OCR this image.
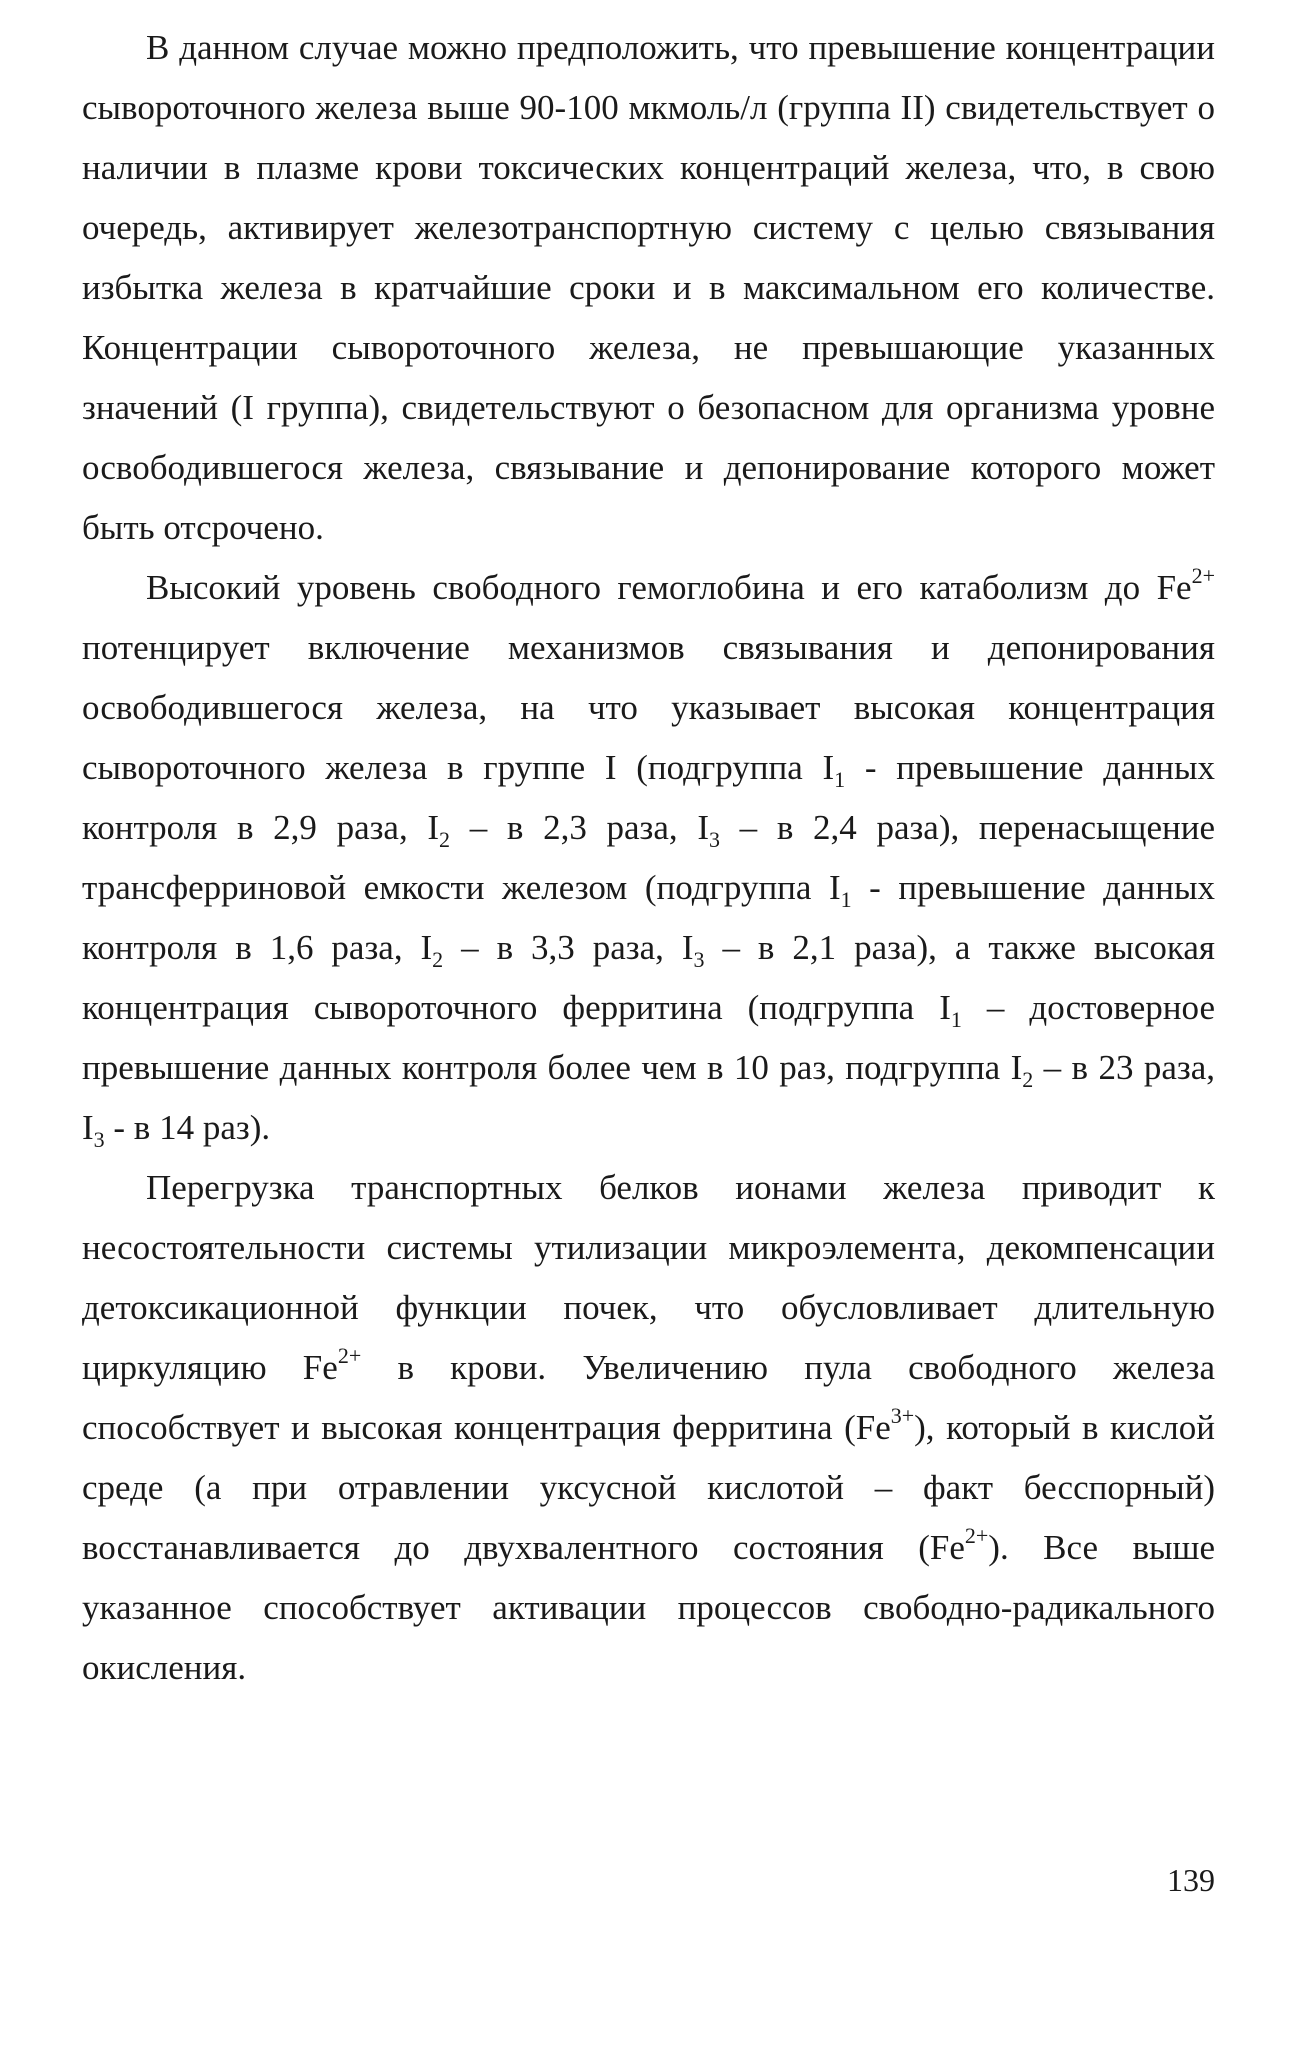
В данном случае можно предположить, что превышение концентрации сывороточного железа выше 90-100 мкмоль/л (группа II) свидетельствует о наличии в плазме крови токсических концентраций железа, что, в свою очередь, активирует железотранспортную систему с целью связывания избытка железа в кратчайшие сроки и в максимальном его количестве. Концентрации сывороточного железа, не превышающие указанных значений (I группа), свидетельствуют о безопасном для организма уровне освободившегося железа, связывание и депонирование которого может быть отсрочено.

Высокий уровень свободного гемоглобина и его катаболизм до $Fe^{2+}$ потенцирует включение механизмов связывания и депонирования освободившегося железа, на что указывает высокая концентрация сывороточного железа в группе I (подгруппа $I_1$ - превышение данных контроля в 2,9 раза, $I_2$ – в 2,3 раза, $I_3$ – в 2,4 раза), перенасыщение трансферриновой емкости железом (подгруппа $I_1$ - превышение данных контроля в 1,6 раза, $I_2$ – в 3,3 раза, $I_3$ – в 2,1 раза), а также высокая концентрация сывороточного ферритина (подгруппа $I_1$ – достоверное превышение данных контроля более чем в 10 раз, подгруппа $I_2$ – в 23 раза, $I_3$ - в 14 раз).

Перегрузка транспортных белков ионами железа приводит к несостоятельности системы утилизации микроэлемента, декомпенсации детоксикационной функции почек, что обусловливает длительную циркуляцию $Fe^{2+}$ в крови. Увеличению пула свободного железа способствует и высокая концентрация ферритина $(Fe^{3+})$, который в кислой среде (а при отравлении уксусной кислотой – факт бесспорный) восстанавливается до двухвалентного состояния $(Fe^{2+})$. Все выше указанное способствует активации процессов свободно-радикального окисления.

139
